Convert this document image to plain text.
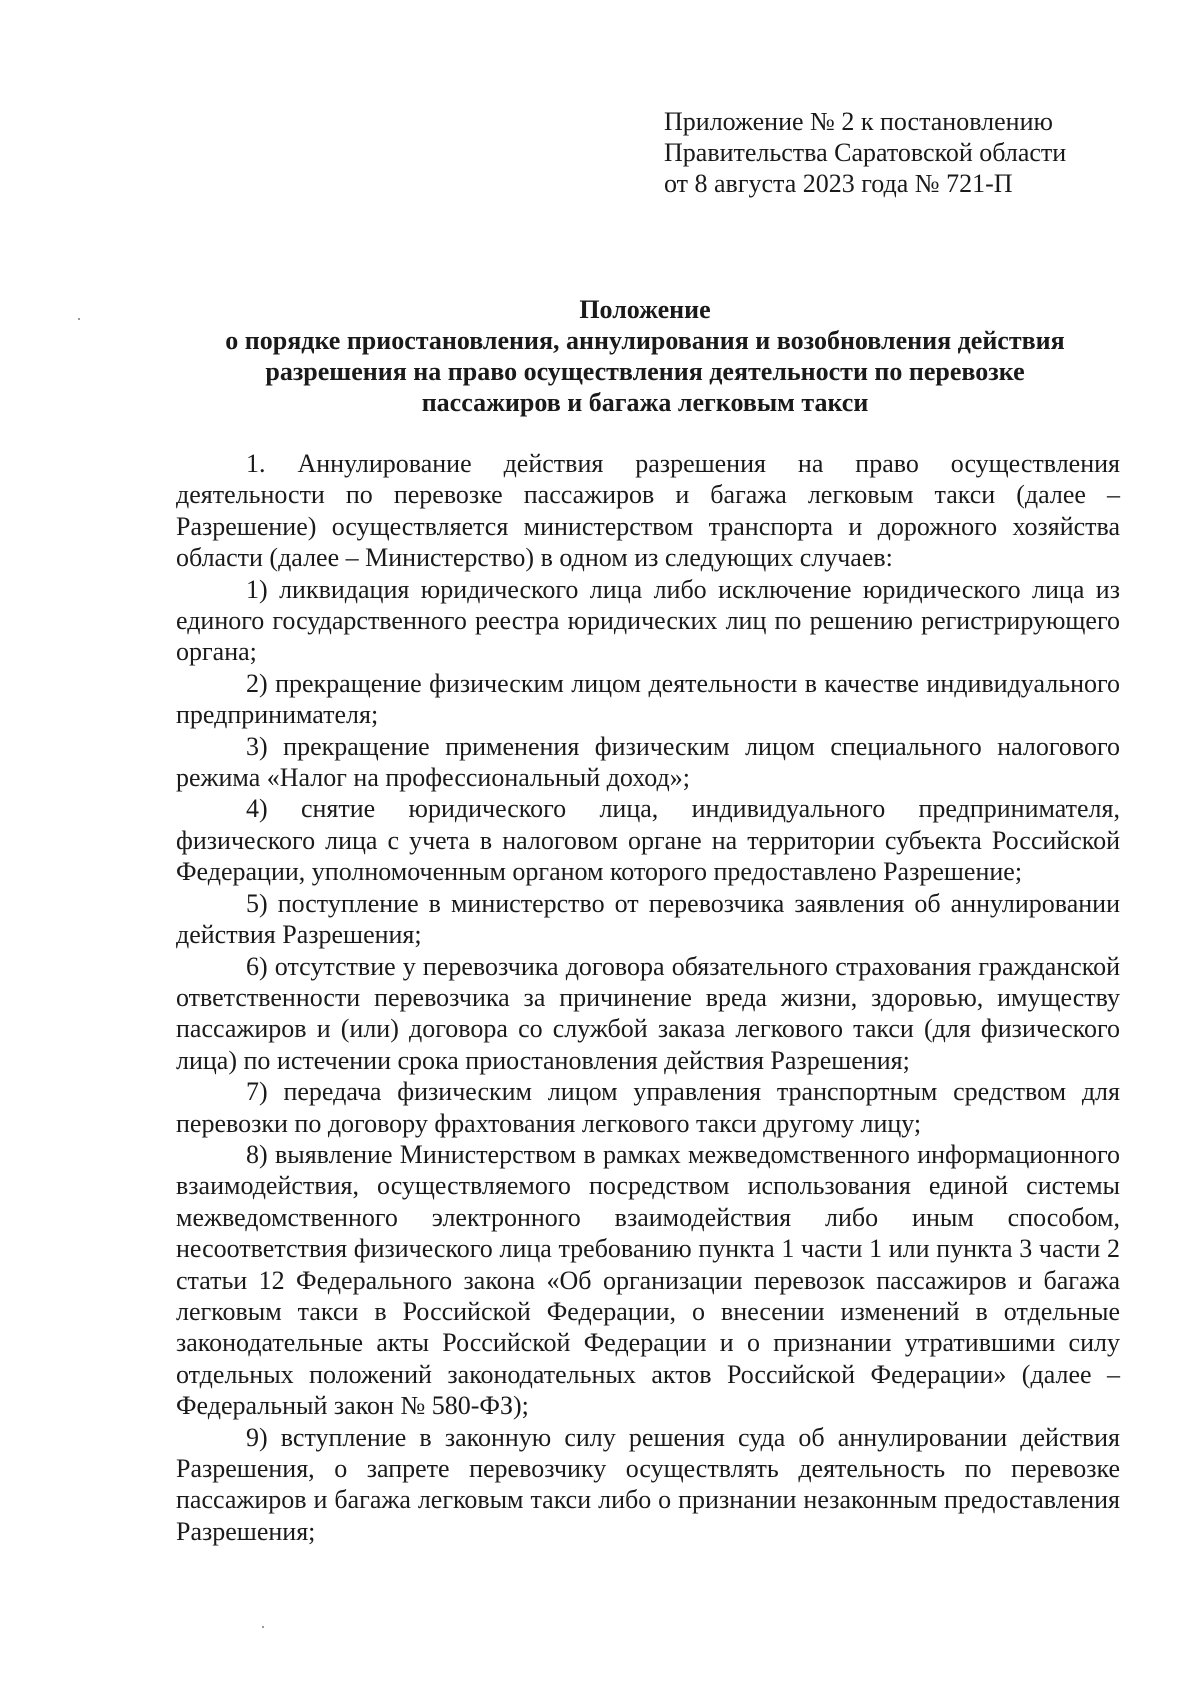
Приложение № 2 к постановлению
Правительства Саратовской области
от 8 августа 2023 года № 721-П
Положение
о порядке приостановления, аннулирования и возобновления действия
разрешения на право осуществления деятельности по перевозке
пассажиров и багажа легковым такси

1. Аннулирование действия разрешения на право осуществления деятельности по перевозке пассажиров и багажа легковым такси (далее – Разрешение) осуществляется министерством транспорта и дорожного хозяйства области (далее – Министерство) в одном из следующих случаев:

1) ликвидация юридического лица либо исключение юридического лица из единого государственного реестра юридических лиц по решению регистрирующего органа;

2) прекращение физическим лицом деятельности в качестве индивидуального предпринимателя;

3) прекращение применения физическим лицом специального налогового режима «Налог на профессиональный доход»;

4) снятие юридического лица, индивидуального предпринимателя, физического лица с учета в налоговом органе на территории субъекта Российской Федерации, уполномоченным органом которого предоставлено Разрешение;

5) поступление в министерство от перевозчика заявления об аннулировании действия Разрешения;

6) отсутствие у перевозчика договора обязательного страхования гражданской ответственности перевозчика за причинение вреда жизни, здоровью, имуществу пассажиров и (или) договора со службой заказа легкового такси (для физического лица) по истечении срока приостановления действия Разрешения;

7) передача физическим лицом управления транспортным средством для перевозки по договору фрахтования легкового такси другому лицу;

8) выявление Министерством в рамках межведомственного информационного взаимодействия, осуществляемого посредством использования единой системы межведомственного электронного взаимодействия либо иным способом, несоответствия физического лица требованию пункта 1 части 1 или пункта 3 части 2 статьи 12 Федерального закона «Об организации перевозок пассажиров и багажа легковым такси в Российской Федерации, о внесении изменений в отдельные законодательные акты Российской Федерации и о признании утратившими силу отдельных положений законодательных актов Российской Федерации» (далее – Федеральный закон № 580-ФЗ);

9) вступление в законную силу решения суда об аннулировании действия Разрешения, о запрете перевозчику осуществлять деятельность по перевозке пассажиров и багажа легковым такси либо о признании незаконным предоставления Разрешения;
